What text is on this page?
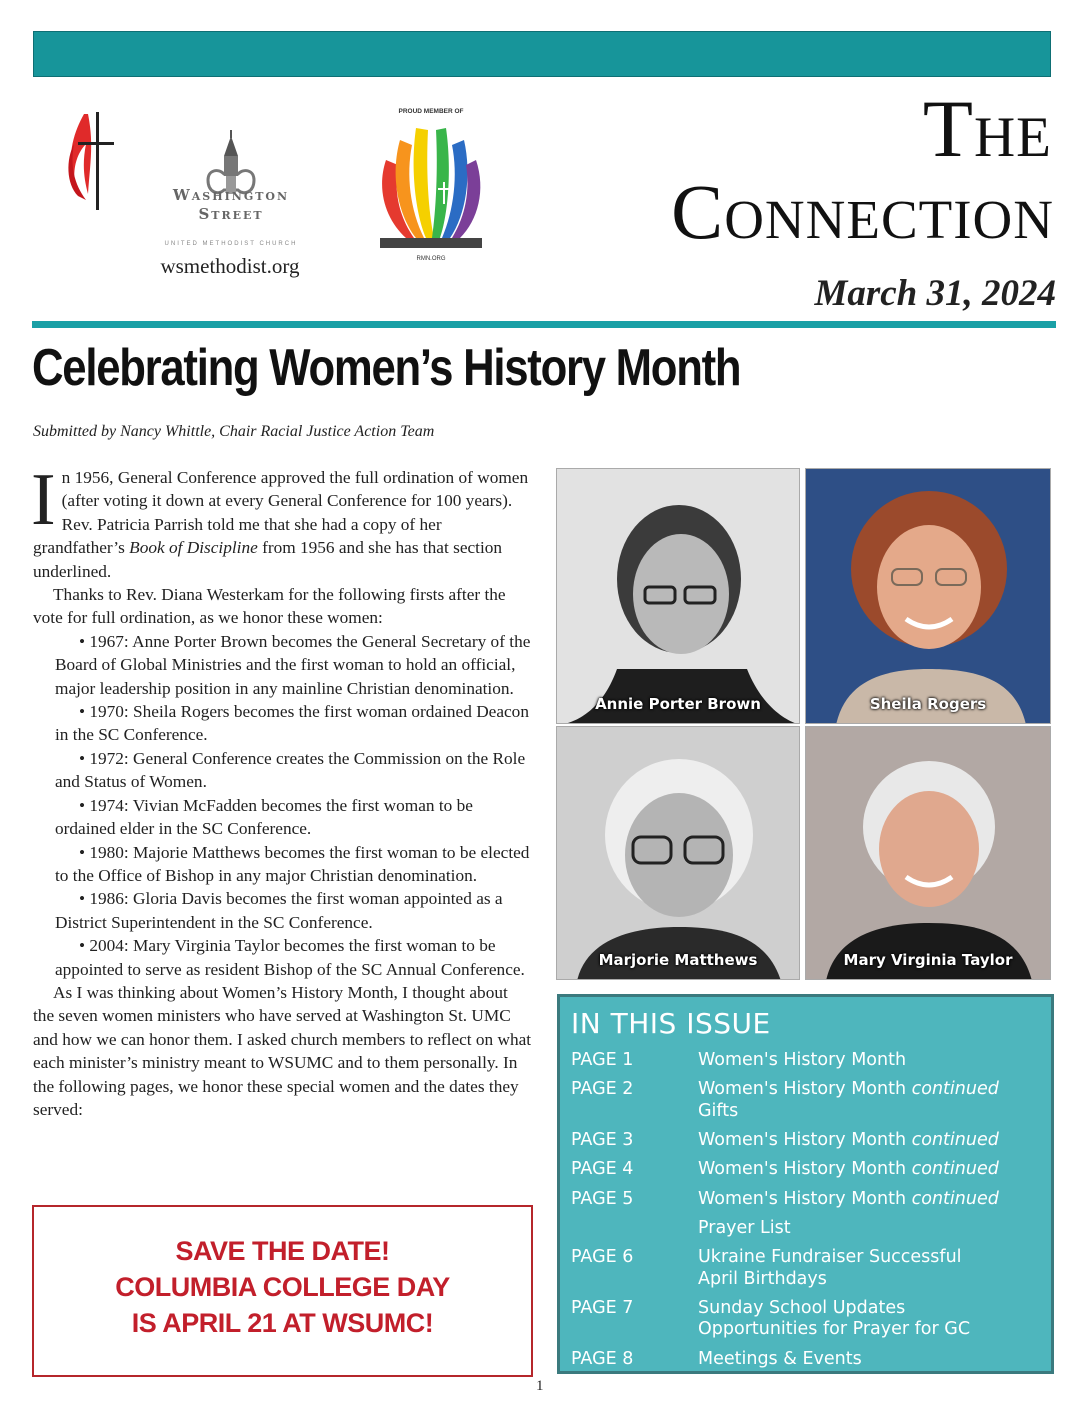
Washington
Street
UNITED METHODIST CHURCH
wsmethodist.org
PROUD MEMBER OF
RMN.ORG
The
Connection
March 31, 2024
Celebrating Women’s History Month
Submitted by Nancy Whittle, Chair Racial Justice Action Team

In 1956, General Conference approved the full ordination of women (after voting it down at every General Conference for 100 years). Rev. Patricia Parrish told me that she had a copy of her grandfather’s Book of Discipline from 1956 and she has that section underlined.

Thanks to Rev. Diana Westerkam for the following firsts after the vote for full ordination, as we honor these women:

• 1967: Anne Porter Brown becomes the General Secretary of the Board of Global Ministries and the first woman to hold an official, major leadership position in any mainline Christian denomination.

• 1970: Sheila Rogers becomes the first woman ordained Deacon in the SC Conference.

• 1972: General Conference creates the Commission on the Role and Status of Women.

• 1974: Vivian McFadden becomes the first woman to be ordained elder in the SC Conference.

• 1980: Majorie Matthews becomes the first woman to be elected to the Office of Bishop in any major Christian denomination.

• 1986: Gloria Davis becomes the first woman appointed as a District Superintendent in the SC Conference.

• 2004: Mary Virginia Taylor becomes the first woman to be appointed to serve as resident Bishop of the SC Annual Conference.

As I was thinking about Women’s History Month, I thought about the seven women ministers who have served at Washington St. UMC and how we can honor them. I asked church members to reflect on what each minister’s ministry meant to WSUMC and to them personally. In the following pages, we honor these special women and the dates they served:

Annie Porter Brown	Sheila Rogers
Marjorie Matthews	Mary Virginia Taylor
IN THIS ISSUE
PAGE 1	Women's History Month
PAGE 2	Women's History Month continued
Gifts
PAGE 3	Women's History Month continued
PAGE 4	Women's History Month continued
PAGE 5	Women's History Month continued
Prayer List
PAGE 6	Ukraine Fundraiser Successful
April Birthdays
PAGE 7	Sunday School Updates
Opportunities for Prayer for GC
PAGE 8	Meetings & Events
SAVE THE DATE!
COLUMBIA COLLEGE DAY
IS APRIL 21 AT WSUMC!
1
